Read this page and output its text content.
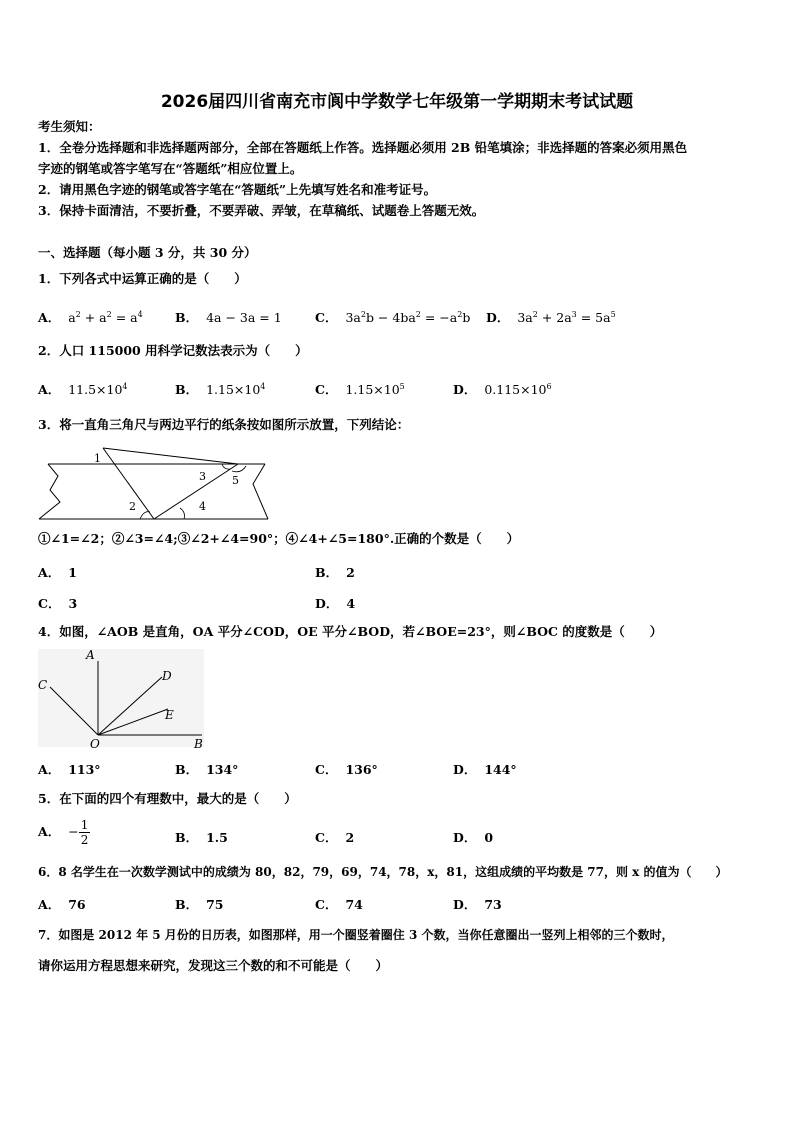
2026届四川省南充市阆中学数学七年级第一学期期末考试试题
考生须知：
1．全卷分选择题和非选择题两部分，全部在答题纸上作答。选择题必须用 2B 铅笔填涂；非选择题的答案必须用黑色
字迹的钢笔或答字笔写在“答题纸”相应位置上。
2．请用黑色字迹的钢笔或答字笔在“答题纸”上先填写姓名和准考证号。
3．保持卡面清洁，不要折叠，不要弄破、弄皱，在草稿纸、试题卷上答题无效。
一、选择题（每小题 3 分，共 30 分）
1．下列各式中运算正确的是（　　）
A． $a^2 + a^2 = a^4$	B． 4a − 3a = 1	C． $3a^2b - 4ba^2 = -a^2b$ D． $3a^2 + 2a^3 = 5a^5$
2．人口 115000 用科学记数法表示为（　　）
A． $11.5\times 10^4$	B． $1.15\times 10^4$	C． $1.15\times 10^5$	D． $0.115\times 10^6$
3．将一直角三角尺与两边平行的纸条按如图所示放置，下列结论：
1
2
3
4
5
①∠1=∠2；②∠3=∠4;③∠2+∠4=90°；④∠4+∠5=180°.正确的个数是（　　）
A． 1	B． 2
C． 3	D． 4
4．如图，∠AOB 是直角，OA 平分∠COD，OE 平分∠BOD，若∠BOE=23°，则∠BOC 的度数是（　　）
A
C
D
E
O	B
A． 113°	B． 134°	C． 136°	D． 144°
5．在下面的四个有理数中，最大的是（　　）
A． − $\frac{1}{2}$	B． 1.5	C． 2	D． 0
6．8 名学生在一次数学测试中的成绩为 80，82，79，69，74，78，x，81，这组成绩的平均数是 77，则 x 的值为（　　）
A． 76	B． 75	C． 74	D． 73
7．如图是 2012 年 5 月份的日历表，如图那样，用一个圈竖着圈住 3 个数，当你任意圈出一竖列上相邻的三个数时，
请你运用方程思想来研究，发现这三个数的和不可能是（　　）
